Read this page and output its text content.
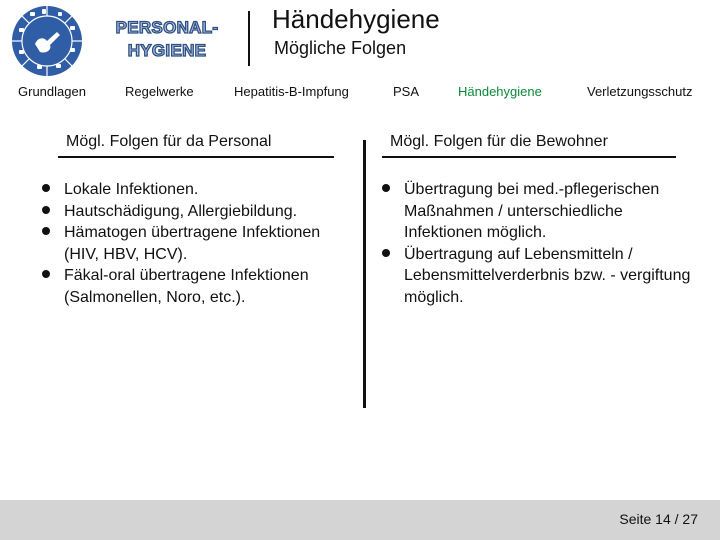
PERSONAL-
HYGIENE
Händehygiene
Mögliche Folgen
Grundlagen	Regelwerke	Hepatitis-B-Impfung	PSA	Händehygiene	Verletzungsschutz
Mögl. Folgen für da Personal	Mögl. Folgen für die Bewohner
Lokale Infektionen.
Hautschädigung, Allergiebildung.
Hämatogen übertragene Infektionen (HIV, HBV, HCV).
Fäkal-oral übertragene Infektionen (Salmonellen, Noro, etc.).
Übertragung bei med.-pflegerischen Maßnahmen / unterschiedliche Infektionen möglich.
Übertragung auf Lebensmitteln / Lebensmittelverderbnis bzw. - vergiftung möglich.
Seite 14 / 27
